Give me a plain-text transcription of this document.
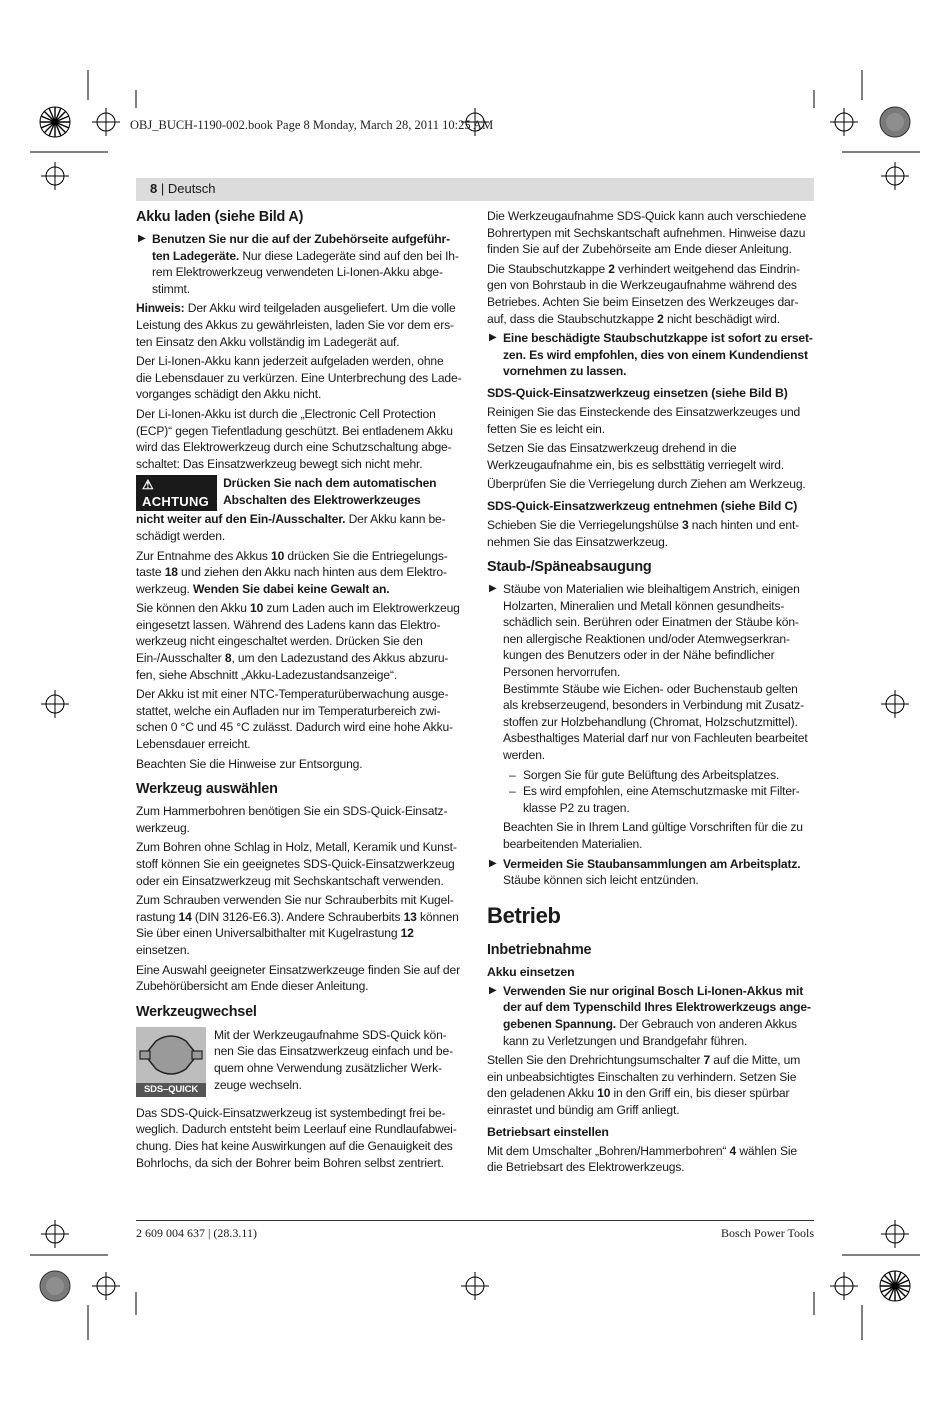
OBJ_BUCH-1190-002.book Page 8 Monday, March 28, 2011 10:25 AM
8 | Deutsch
Akku laden (siehe Bild A)
▶ Benutzen Sie nur die auf der Zubehörseite aufgeführten Ladegeräte. Nur diese Ladegeräte sind auf den bei Ihrem Elektrowerkzeug verwendeten Li-Ionen-Akku abgestimmt.

Hinweis: Der Akku wird teilgeladen ausgeliefert. Um die volle Leistung des Akkus zu gewährleisten, laden Sie vor dem ersten Einsatz den Akku vollständig im Ladegerät auf.

Der Li-Ionen-Akku kann jederzeit aufgeladen werden, ohne die Lebensdauer zu verkürzen. Eine Unterbrechung des Ladevorganges schädigt den Akku nicht.

Der Li-Ionen-Akku ist durch die „Electronic Cell Protection (ECP)“ gegen Tiefentladung geschützt. Bei entladenem Akku wird das Elektrowerkzeug durch eine Schutzschaltung abgeschaltet: Das Einsatzwerkzeug bewegt sich nicht mehr.

⚠ ACHTUNG
Drücken Sie nach dem automatischen Abschalten des Elektrowerkzeuges

nicht weiter auf den Ein-/Ausschalter. Der Akku kann beschädigt werden.

Zur Entnahme des Akkus 10 drücken Sie die Entriegelungstaste 18 und ziehen den Akku nach hinten aus dem Elektrowerkzeug. Wenden Sie dabei keine Gewalt an.

Sie können den Akku 10 zum Laden auch im Elektrowerkzeug eingesetzt lassen. Während des Ladens kann das Elektrowerkzeug nicht eingeschaltet werden. Drücken Sie den Ein-/Ausschalter 8, um den Ladezustand des Akkus abzurufen, siehe Abschnitt „Akku-Ladezustandsanzeige“.

Der Akku ist mit einer NTC-Temperaturüberwachung ausgestattet, welche ein Aufladen nur im Temperaturbereich zwischen 0 °C und 45 °C zulässt. Dadurch wird eine hohe Akku-Lebensdauer erreicht.

Beachten Sie die Hinweise zur Entsorgung.

Werkzeug auswählen

Zum Hammerbohren benötigen Sie ein SDS-Quick-Einsatzwerkzeug.

Zum Bohren ohne Schlag in Holz, Metall, Keramik und Kunststoff können Sie ein geeignetes SDS-Quick-Einsatzwerkzeug oder ein Einsatzwerkzeug mit Sechskantschaft verwenden.

Zum Schrauben verwenden Sie nur Schrauberbits mit Kugelrastung 14 (DIN 3126-E6.3). Andere Schrauberbits 13 können Sie über einen Universalbithalter mit Kugelrastung 12 einsetzen.

Eine Auswahl geeigneter Einsatzwerkzeuge finden Sie auf der Zubehörübersicht am Ende dieser Anleitung.

Werkzeugwechsel
SDS–QUICK
Mit der Werkzeugaufnahme SDS-Quick können Sie das Einsatzwerkzeug einfach und bequem ohne Verwendung zusätzlicher Werkzeuge wechseln.

Das SDS-Quick-Einsatzwerkzeug ist systembedingt frei beweglich. Dadurch entsteht beim Leerlauf eine Rundlaufabweichung. Dies hat keine Auswirkungen auf die Genauigkeit des Bohrlochs, da sich der Bohrer beim Bohren selbst zentriert.

Die Werkzeugaufnahme SDS-Quick kann auch verschiedene Bohrertypen mit Sechskantschaft aufnehmen. Hinweise dazu finden Sie auf der Zubehörseite am Ende dieser Anleitung.

Die Staubschutzkappe 2 verhindert weitgehend das Eindringen von Bohrstaub in die Werkzeugaufnahme während des Betriebes. Achten Sie beim Einsetzen des Werkzeuges darauf, dass die Staubschutzkappe 2 nicht beschädigt wird.

▶ Eine beschädigte Staubschutzkappe ist sofort zu ersetzen. Es wird empfohlen, dies von einem Kundendienst vornehmen zu lassen.
SDS-Quick-Einsatzwerkzeug einsetzen (siehe Bild B)

Reinigen Sie das Einsteckende des Einsatzwerkzeuges und fetten Sie es leicht ein.

Setzen Sie das Einsatzwerkzeug drehend in die Werkzeugaufnahme ein, bis es selbsttätig verriegelt wird.

Überprüfen Sie die Verriegelung durch Ziehen am Werkzeug.

SDS-Quick-Einsatzwerkzeug entnehmen (siehe Bild C)

Schieben Sie die Verriegelungshülse 3 nach hinten und entnehmen Sie das Einsatzwerkzeug.

Staub-/Späneabsaugung
▶ Stäube von Materialien wie bleihaltigem Anstrich, einigen Holzarten, Mineralien und Metall können gesundheitsschädlich sein. Berühren oder Einatmen der Stäube können allergische Reaktionen und/oder Atemwegserkrankungen des Benutzers oder in der Nähe befindlicher Personen hervorrufen.

Bestimmte Stäube wie Eichen- oder Buchenstaub gelten als krebserzeugend, besonders in Verbindung mit Zusatzstoffen zur Holzbehandlung (Chromat, Holzschutzmittel). Asbesthaltiges Material darf nur von Fachleuten bearbeitet werden.

– Sorgen Sie für gute Belüftung des Arbeitsplatzes.
– Es wird empfohlen, eine Atemschutzmaske mit Filterklasse P2 zu tragen.

Beachten Sie in Ihrem Land gültige Vorschriften für die zu bearbeitenden Materialien.

▶ Vermeiden Sie Staubansammlungen am Arbeitsplatz.
Stäube können sich leicht entzünden.
Betrieb
Inbetriebnahme
Akku einsetzen
▶ Verwenden Sie nur original Bosch Li-Ionen-Akkus mit der auf dem Typenschild Ihres Elektrowerkzeugs angegebenen Spannung. Der Gebrauch von anderen Akkus kann zu Verletzungen und Brandgefahr führen.

Stellen Sie den Drehrichtungsumschalter 7 auf die Mitte, um ein unbeabsichtigtes Einschalten zu verhindern. Setzen Sie den geladenen Akku 10 in den Griff ein, bis dieser spürbar einrastet und bündig am Griff anliegt.

Betriebsart einstellen

Mit dem Umschalter „Bohren/Hammerbohren“ 4 wählen Sie die Betriebsart des Elektrowerkzeugs.

2 609 004 637 | (28.3.11)	Bosch Power Tools
